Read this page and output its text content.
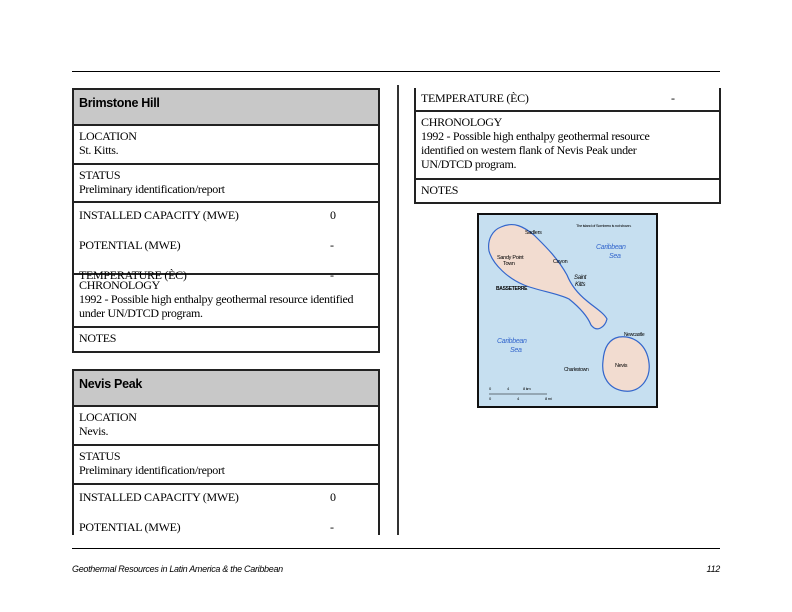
Brimstone Hill
LOCATION
St. Kitts.
STATUS
Preliminary identification/report
INSTALLED CAPACITY (MWE)	0
POTENTIAL (MWE)	-
TEMPERATURE (ÈC)	-
CHRONOLOGY
1992 - Possible high enthalpy geothermal resource identified under UN/DTCD program.
NOTES
Nevis Peak
LOCATION
Nevis.
STATUS
Preliminary identification/report
INSTALLED CAPACITY (MWE)	0
POTENTIAL (MWE)	-
TEMPERATURE (ÈC)	-
CHRONOLOGY
1992 - Possible high enthalpy geothermal resource identified on western flank of Nevis Peak under UN/DTCD program.
NOTES
The island of Sombrero is not shown.
Sadlers
Sandy Point
Town	Cayon
BASSETERRE
Saint
Kitts
Caribbean
Sea
Caribbean
Sea
Newcastle
Nevis
Charlestown
0	4	8 km
0	4	8 mi
Geothermal Resources in Latin America & the Caribbean	112
